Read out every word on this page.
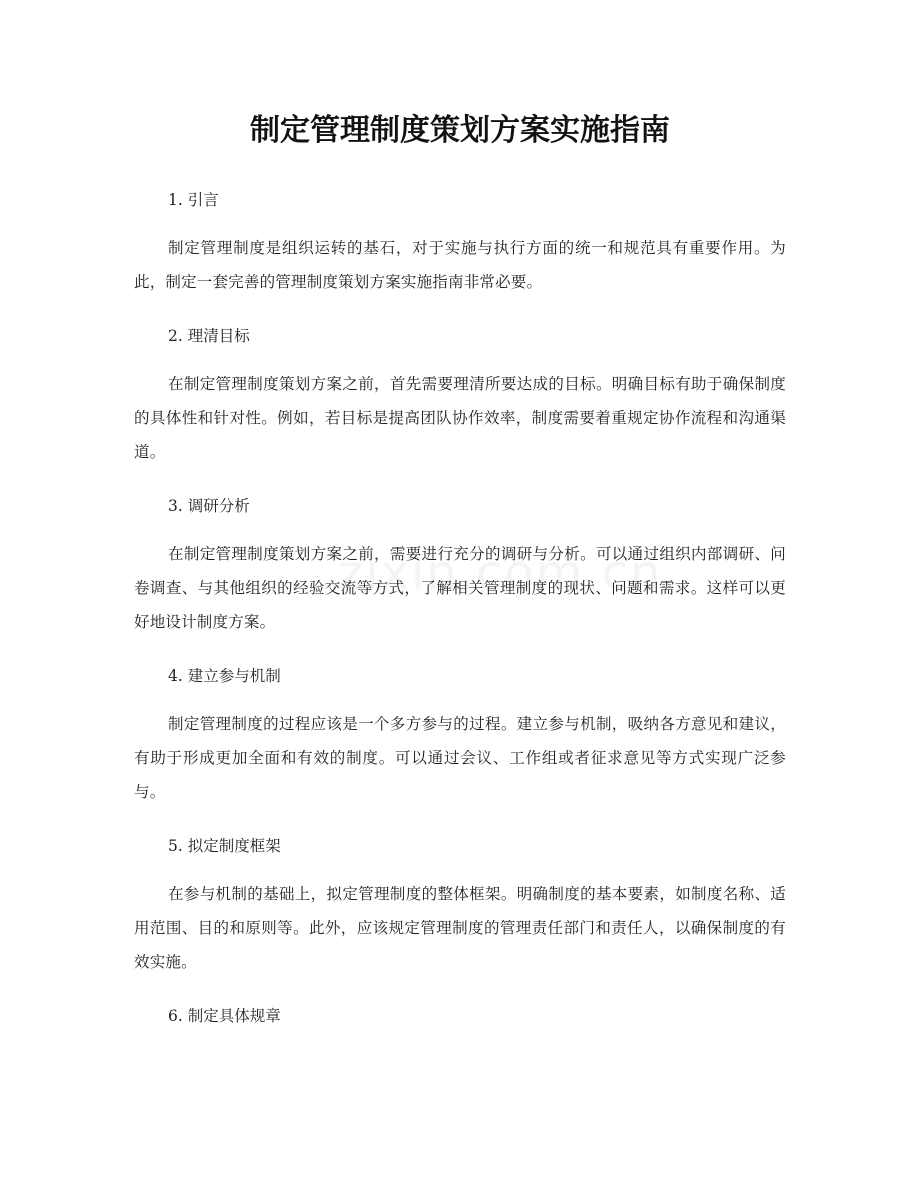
制定管理制度策划方案实施指南

1. 引言

制定管理制度是组织运转的基石，对于实施与执行方面的统一和规范具有重要作用。为此，制定一套完善的管理制度策划方案实施指南非常必要。

2. 理清目标

在制定管理制度策划方案之前，首先需要理清所要达成的目标。明确目标有助于确保制度的具体性和针对性。例如，若目标是提高团队协作效率，制度需要着重规定协作流程和沟通渠道。

3. 调研分析

在制定管理制度策划方案之前，需要进行充分的调研与分析。可以通过组织内部调研、问卷调查、与其他组织的经验交流等方式，了解相关管理制度的现状、问题和需求。这样可以更好地设计制度方案。

4. 建立参与机制

制定管理制度的过程应该是一个多方参与的过程。建立参与机制，吸纳各方意见和建议，有助于形成更加全面和有效的制度。可以通过会议、工作组或者征求意见等方式实现广泛参与。

5. 拟定制度框架

在参与机制的基础上，拟定管理制度的整体框架。明确制度的基本要素，如制度名称、适用范围、目的和原则等。此外，应该规定管理制度的管理责任部门和责任人，以确保制度的有效实施。

6. 制定具体规章
